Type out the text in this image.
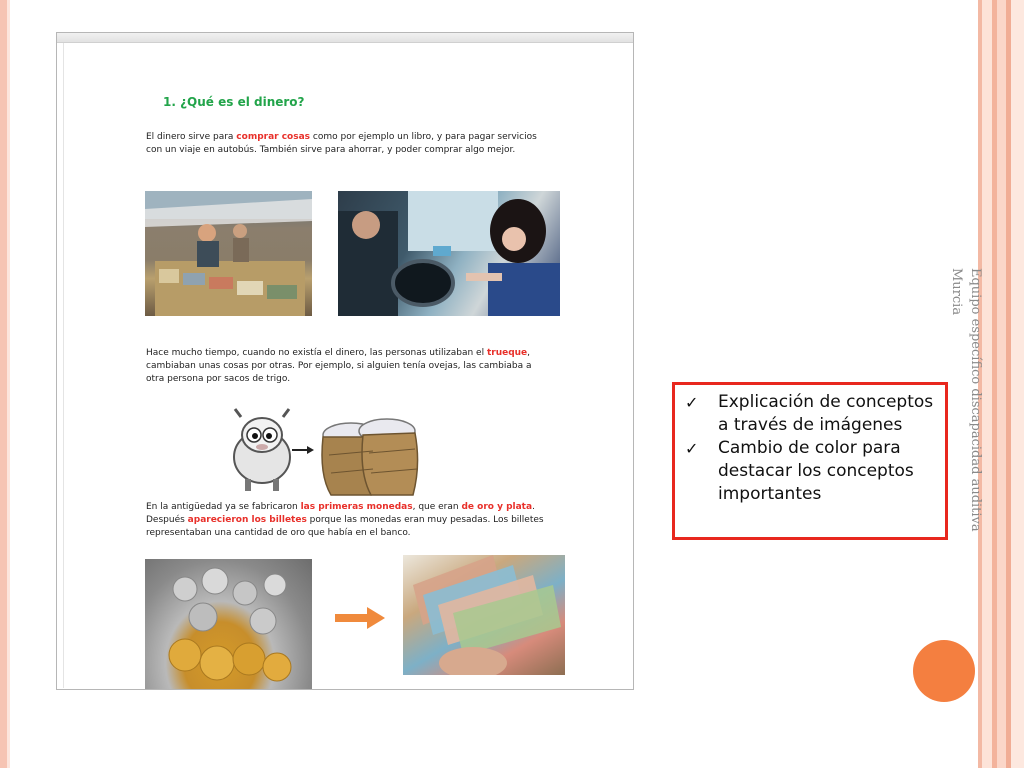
1. ¿Qué es el dinero?
El dinero sirve para comprar cosas como por ejemplo un libro, y para pagar servicios con un viaje en autobús. También sirve para ahorrar, y poder comprar algo mejor.
Hace mucho tiempo, cuando no existía el dinero, las personas utilizaban el trueque, cambiaban unas cosas por otras. Por ejemplo, si alguien tenía ovejas, las cambiaba a otra persona por sacos de trigo.
En la antigüedad ya se fabricaron las primeras monedas, que eran de oro y plata. Después aparecieron los billetes porque las monedas eran muy pesadas. Los billetes representaban una cantidad de oro que había en el banco.
✓ Explicación de conceptos a través de imágenes
✓ Cambio de color para destacar los conceptos importantes	Equipo específico discapacidad auditiva
Murcia
